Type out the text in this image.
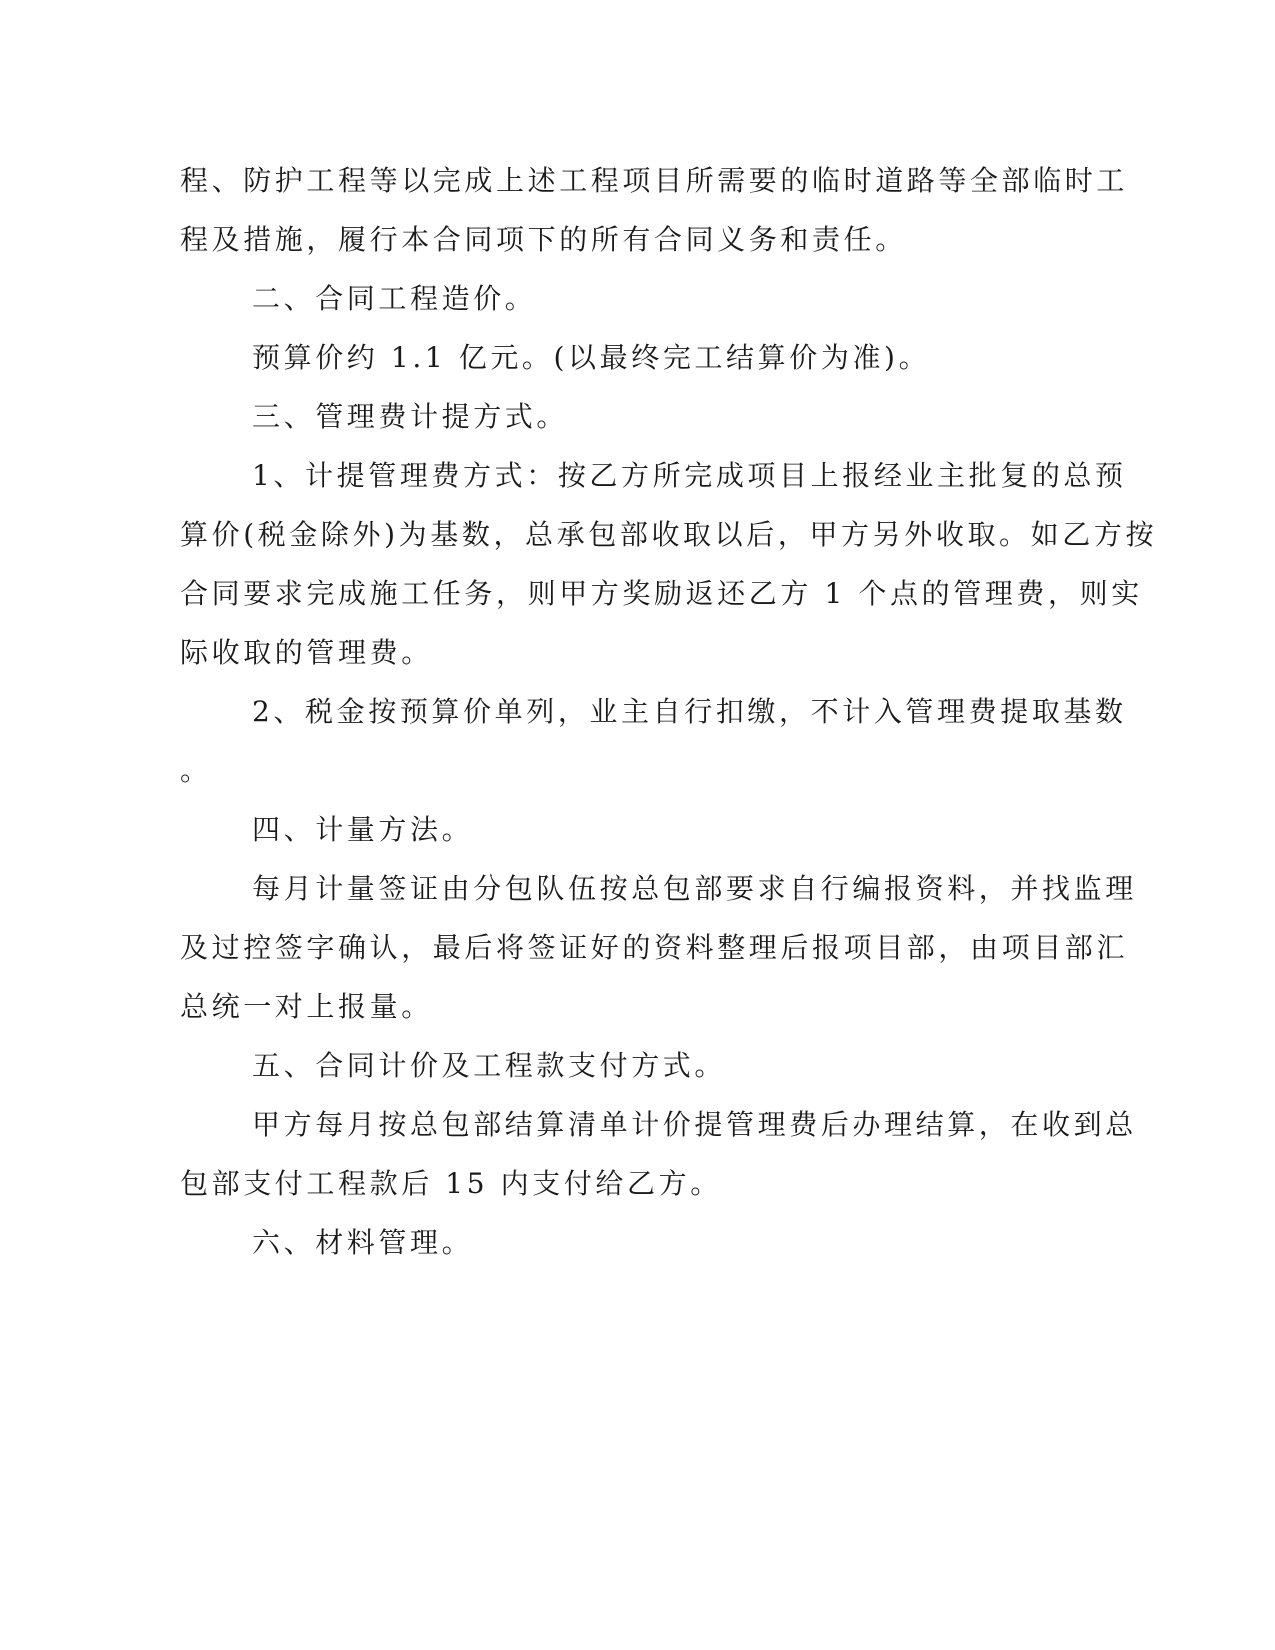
程、防护工程等以完成上述工程项目所需要的临时道路等全部临时工
程及措施，履行本合同项下的所有合同义务和责任。
二、合同工程造价。
预算价约 1.1 亿元。(以最终完工结算价为准)。
三、管理费计提方式。
1、计提管理费方式：按乙方所完成项目上报经业主批复的总预
算价(税金除外)为基数，总承包部收取以后，甲方另外收取。如乙方按
合同要求完成施工任务，则甲方奖励返还乙方 1 个点的管理费，则实
际收取的管理费。
2、税金按预算价单列，业主自行扣缴，不计入管理费提取基数
。
四、计量方法。
每月计量签证由分包队伍按总包部要求自行编报资料，并找监理
及过控签字确认，最后将签证好的资料整理后报项目部，由项目部汇
总统一对上报量。
五、合同计价及工程款支付方式。
甲方每月按总包部结算清单计价提管理费后办理结算，在收到总
包部支付工程款后 15 内支付给乙方。
六、材料管理。
